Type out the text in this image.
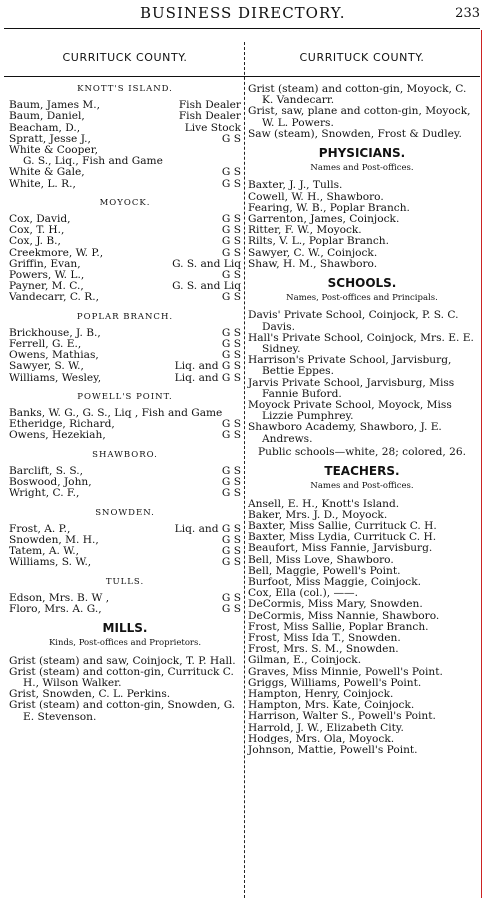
BUSINESS DIRECTORY.	233
CURRITUCK COUNTY.
KNOTT'S ISLAND.
Baum, James M.,	Fish Dealer
Baum, Daniel,	Fish Dealer
Beacham, D.,	Live Stock
Spratt, Jesse J.,	G S
White & Cooper,
G. S., Liq., Fish and Game
White & Gale,	G S
White, L. R.,	G S
MOYOCK.
Cox, David,	G S
Cox, T. H.,	G S
Cox, J. B.,	G S
Creekmore, W. P.,	G S
Griffin, Evan,	G. S. and Liq
Powers, W. L.,	G S
Payner, M. C.,	G. S. and Liq
Vandecarr, C. R.,	G S
POPLAR BRANCH.
Brickhouse, J. B.,	G S
Ferrell, G. E.,	G S
Owens, Mathias,	G S
Sawyer, S. W.,	Liq. and G S
Williams, Wesley,	Liq. and G S
POWELL'S POINT.
Banks, W. G., G. S., Liq , Fish and Game
Etheridge, Richard,	G S
Owens, Hezekiah,	G S
SHAWBORO.
Barclift, S. S.,	G S
Boswood, John,	G S
Wright, C. F.,	G S
SNOWDEN.
Frost, A. P.,	Liq. and G S
Snowden, M. H.,	G S
Tatem, A. W.,	G S
Williams, S. W.,	G S
TULLS.
Edson, Mrs. B. W ,	G S
Floro, Mrs. A. G.,	G S
MILLS.
Kinds, Post-offices and Proprietors.
Grist (steam) and saw, Coinjock, T. P. Hall.
Grist (steam) and cotton-gin, Currituck C. H., Wilson Walker.
Grist, Snowden, C. L. Perkins.
Grist (steam) and cotton-gin, Snowden, G. E. Stevenson.
CURRITUCK COUNTY.
Grist (steam) and cotton-gin, Moyock, C. K. Vandecarr.
Grist, saw, plane and cotton-gin, Moyock, W. L. Powers.
Saw (steam), Snowden, Frost & Dudley.
PHYSICIANS.
Names and Post-offices.
Baxter, J. J., Tulls.
Cowell, W. H., Shawboro.
Fearing, W. B., Poplar Branch.
Garrenton, James, Coinjock.
Ritter, F. W., Moyock.
Rilts, V. L., Poplar Branch.
Sawyer, C. W., Coinjock.
Shaw, H. M., Shawboro.
SCHOOLS.
Names, Post-offices and Principals.
Davis' Private School, Coinjock, P. S. C. Davis.
Hall's Private School, Coinjock, Mrs. E. E. Sidney.
Harrison's Private School, Jarvisburg, Bettie Eppes.
Jarvis Private School, Jarvisburg, Miss Fannie Buford.
Moyock Private School, Moyock, Miss Lizzie Pumphrey.
Shawboro Academy, Shawboro, J. E. Andrews.
Public schools—white, 28; colored, 26.
TEACHERS.
Names and Post-offices.
Ansell, E. H., Knott's Island.
Baker, Mrs. J. D., Moyock.
Baxter, Miss Sallie, Currituck C. H.
Baxter, Miss Lydia, Currituck C. H.
Beaufort, Miss Fannie, Jarvisburg.
Bell, Miss Love, Shawboro.
Bell, Maggie, Powell's Point.
Burfoot, Miss Maggie, Coinjock.
Cox, Ella (col.), ——.
DeCormis, Miss Mary, Snowden.
DeCormis, Miss Nannie, Shawboro.
Frost, Miss Sallie, Poplar Branch.
Frost, Miss Ida T., Snowden.
Frost, Mrs. S. M., Snowden.
Gilman, E., Coinjock.
Graves, Miss Minnie, Powell's Point.
Griggs, Williams, Powell's Point.
Hampton, Henry, Coinjock.
Hampton, Mrs. Kate, Coinjock.
Harrison, Walter S., Powell's Point.
Harrold, J. W., Elizabeth City.
Hodges, Mrs. Ola, Moyock.
Johnson, Mattie, Powell's Point.
